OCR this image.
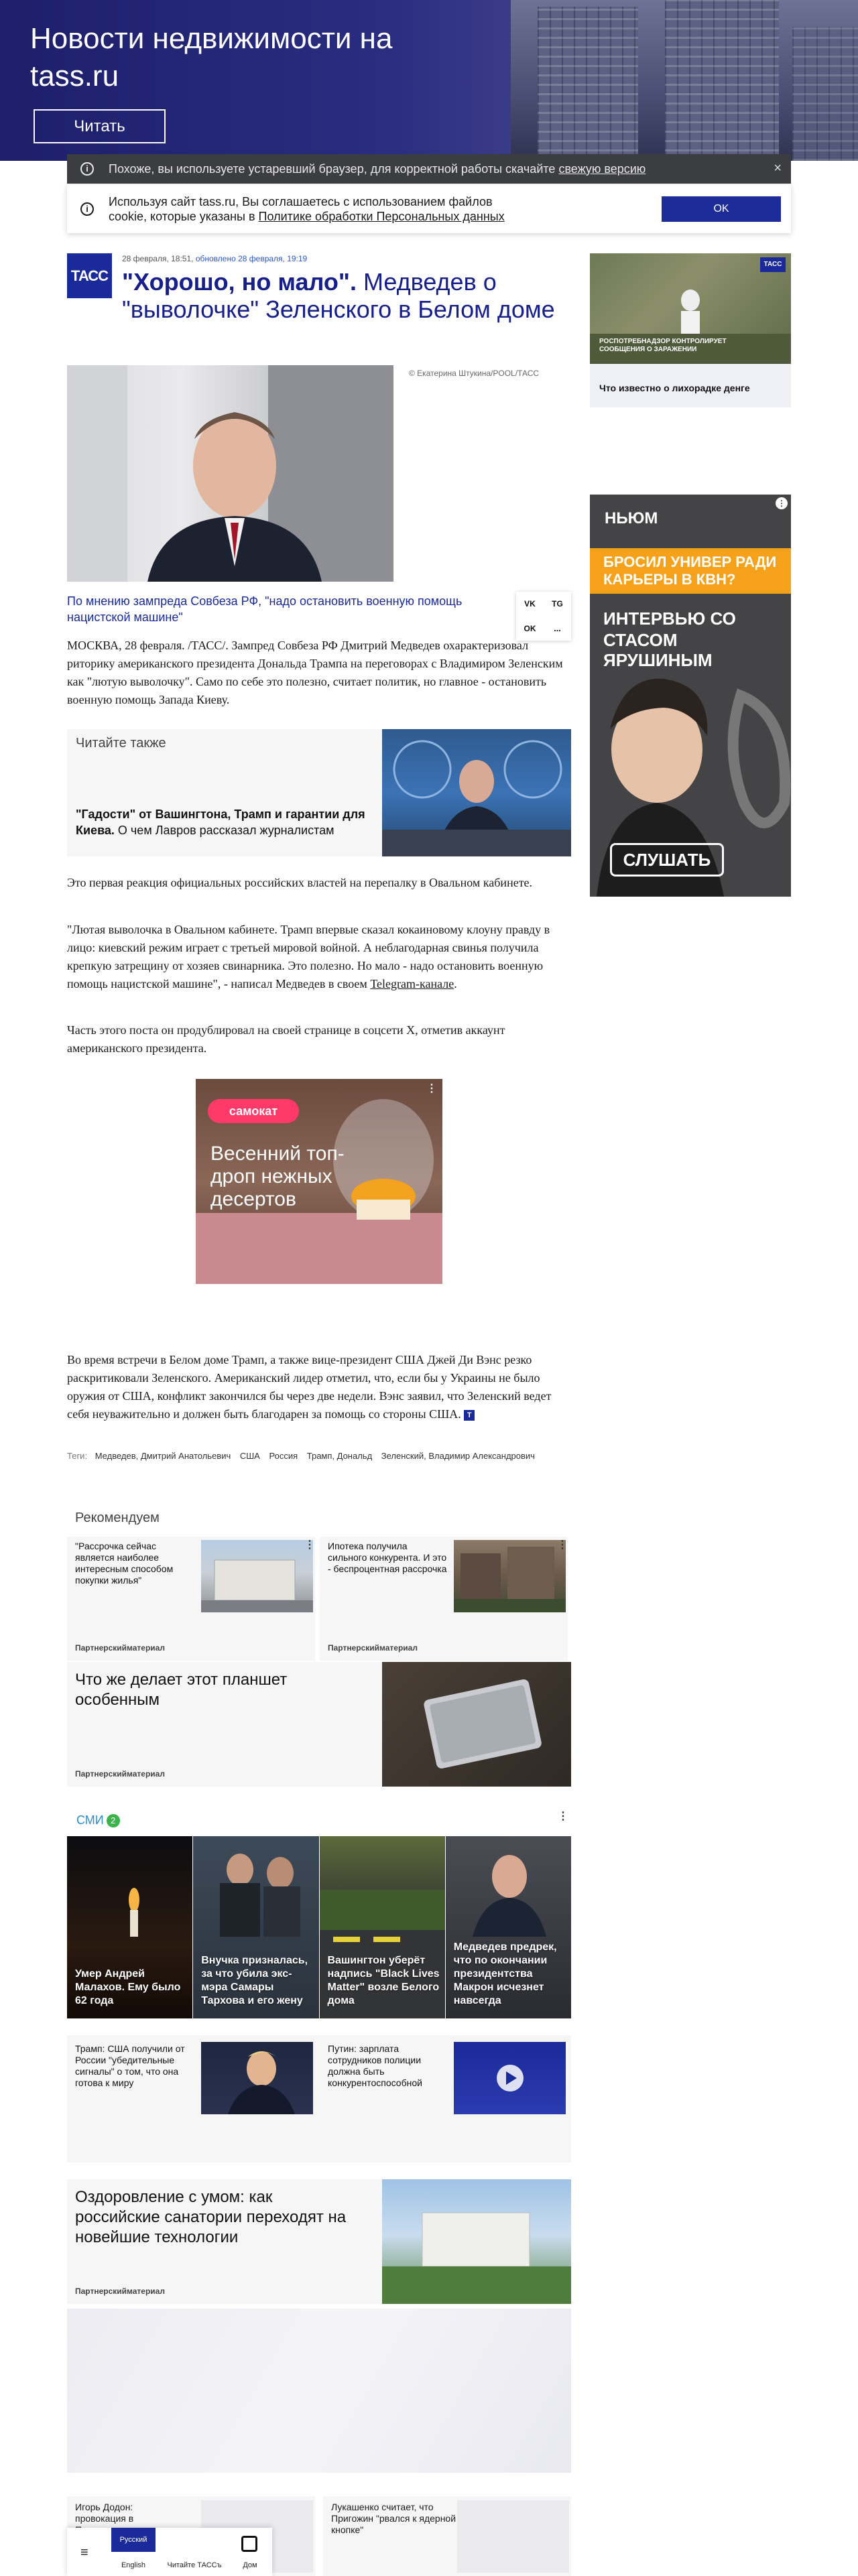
Новости недвижимости на tass.ru
Читать
i	Похоже, вы используете устаревший браузер, для корректной работы скачайте свежую версию	×
i
Используя сайт tass.ru, Вы соглашаетесь с использованием файлов cookie, которые указаны в Политике обработки Персональных данных
OK
ТАСС
28 февраля, 18:51, обновлено 28 февраля, 19:19
"Хорошо, но мало". Медведев о "выволочке" Зеленского в Белом доме
© Екатерина Штукина/POOL/ТАСС
По мнению зампреда Совбеза РФ, "надо остановить военную помощь нацистской машине"
VK TG
OK ...

МОСКВА, 28 февраля. /ТАСС/. Зампред Совбеза РФ Дмитрий Медведев охарактеризовал риторику американского президента Дональда Трампа на переговорах с Владимиром Зеленским как "лютую выволочку". Само по себе это полезно, считает политик, но главное - остановить военную помощь Запада Киеву.

Читайте также
"Гадости" от Вашингтона, Трамп и гарантии для Киева. О чем Лавров рассказал журналистам

Это первая реакция официальных российских властей на перепалку в Овальном кабинете.

"Лютая выволочка в Овальном кабинете. Трамп впервые сказал кокаиновому клоуну правду в лицо: киевский режим играет с третьей мировой войной. А неблагодарная свинья получила крепкую затрещину от хозяев свинарника. Это полезно. Но мало - надо остановить военную помощь нацистской машине", - написал Медведев в своем Telegram-канале.

Часть этого поста он продублировал на своей странице в соцсети X, отметив аккаунт американского президента.

самокат
Весенний топ-дроп нежных десертов
⋮

Во время встречи в Белом доме Трамп, а также вице-президент США Джей Ди Вэнс резко раскритиковали Зеленского. Американский лидер отметил, что, если бы у Украины не было оружия от США, конфликт закончился бы через две недели. Вэнс заявил, что Зеленский ведет себя неуважительно и должен быть благодарен за помощь со стороны США. Т

Теги: Медведев, Дмитрий Анатольевич США Россия Трамп, Дональд Зеленский, Владимир Александрович
Рекомендуем
"Рассрочка сейчас является наиболее интересным способом покупки жилья"
⋮
Партнерскийматериал
Ипотека получила сильного конкурента. И это - беспроцентная рассрочка
⋮
Партнерскийматериал
Что же делает этот планшет особенным
⋮
Партнерскийматериал
СМИ 2	⋮
Умер Андрей Малахов. Ему было 62 года
Внучка призналась, за что убила экс-мэра Самары Тархова и его жену
Вашингтон уберёт надпись "Black Lives Matter" возле Белого дома
Медведев предрек, что по окончании президентства Макрон исчезнет навсегда
Трамп: США получили от России "убедительные сигналы" о том, что она готова к миру
Путин: зарплата сотрудников полиции должна быть конкурентоспособной
Оздоровление с умом: как российские санатории переходят на новейшие технологии
Партнерскийматериал
ТАСС
РОСПОТРЕБНАДЗОР КОНТРОЛИРУЕТ СООБЩЕНИЯ О ЗАРАЖЕНИИ
Что известно о лихорадке денге
НЬЮМ
БРОСИЛ УНИВЕР РАДИ КАРЬЕРЫ В КВН?
ИНТЕРВЬЮ СО
СТАСОМ ЯРУШИНЫМ
СЛУШАТЬ
⋮
Игорь Додон: провокация в
Лукашенко считает, что Пригожин "рвался к ядерной кнопке"
≡
Русский
English	Читайте ТАССъ	Дом
